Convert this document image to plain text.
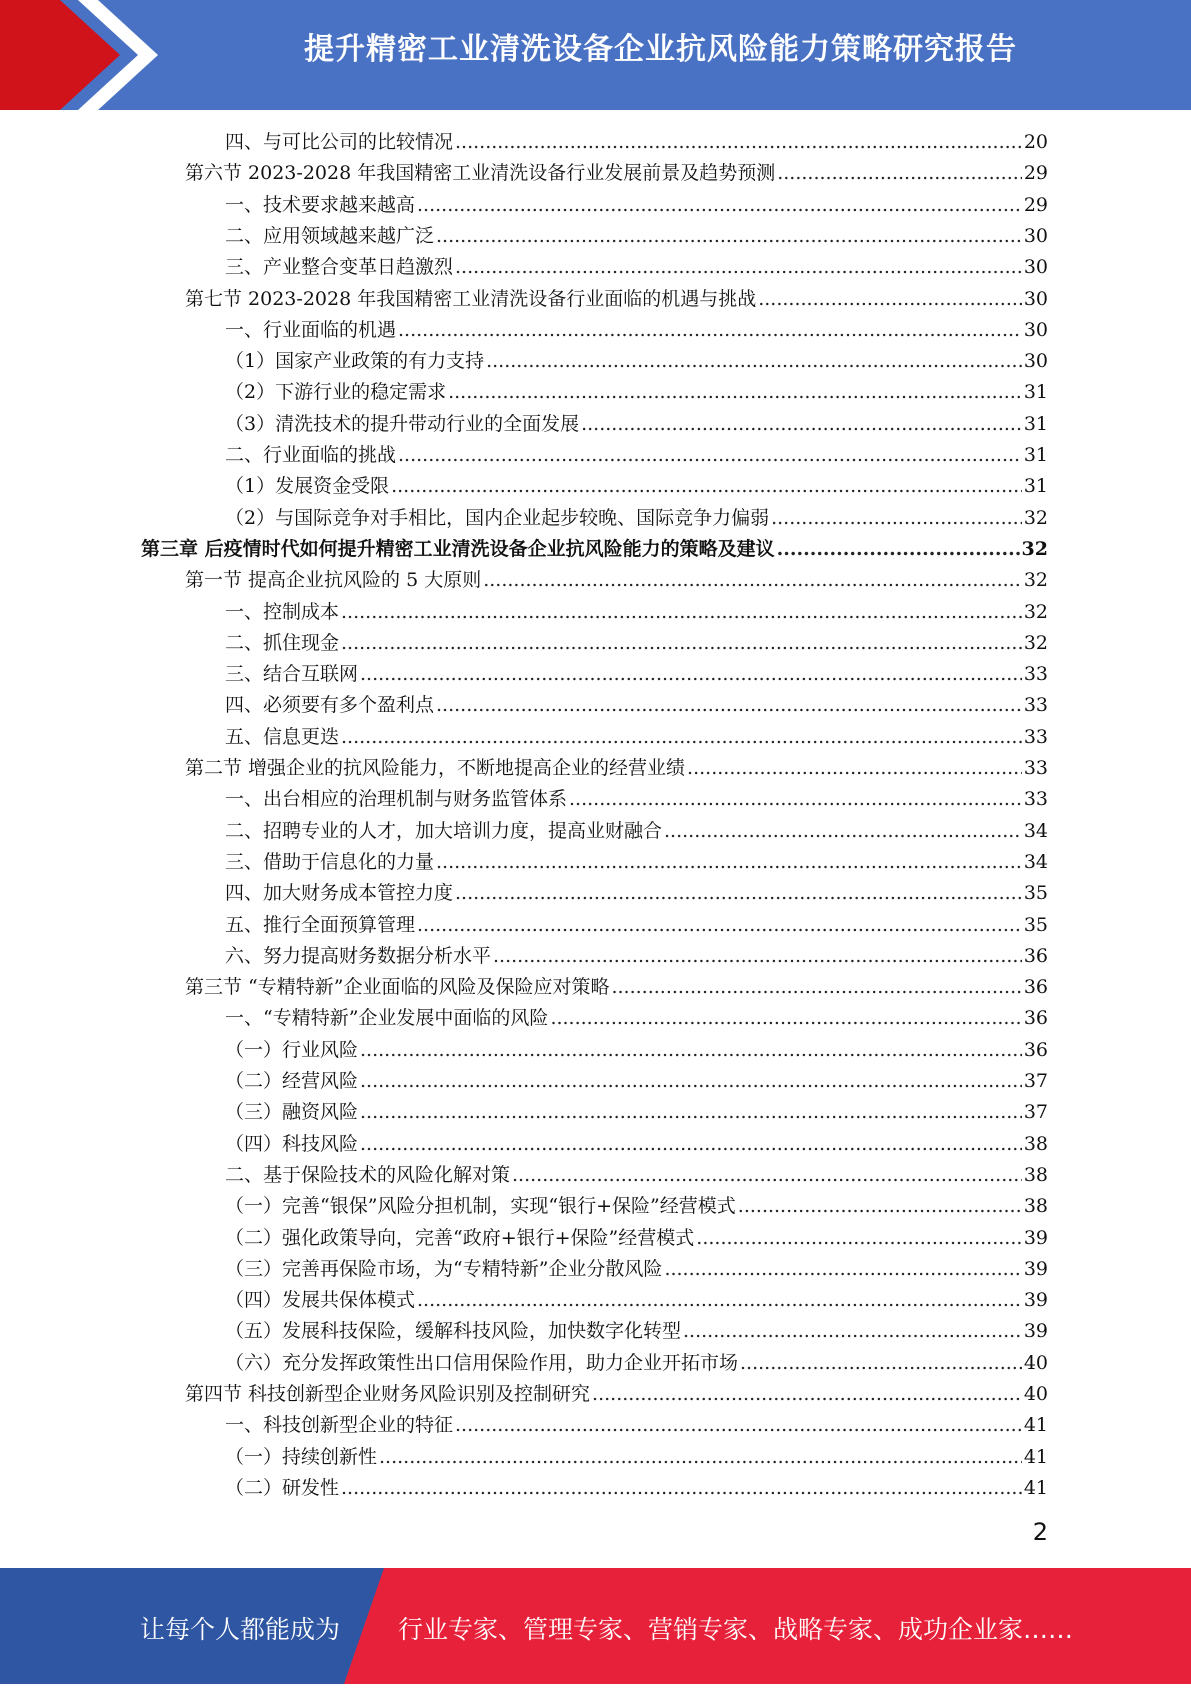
提升精密工业清洗设备企业抗风险能力策略研究报告
四、与可比公司的比较情况 .....	20
第六节 2023-2028 年我国精密工业清洗设备行业发展前景及趋势预测 .....	29
一、技术要求越来越高 .....	29
二、应用领域越来越广泛 .....	30
三、产业整合变革日趋激烈 .....	30
第七节 2023-2028 年我国精密工业清洗设备行业面临的机遇与挑战 .....	30
一、行业面临的机遇 .....	30
（1）国家产业政策的有力支持 .....	30
（2）下游行业的稳定需求 .....	31
（3）清洗技术的提升带动行业的全面发展 .....	31
二、行业面临的挑战 .....	31
（1）发展资金受限 .....	31
（2）与国际竞争对手相比，国内企业起步较晚、国际竞争力偏弱 .....	32
第三章 后疫情时代如何提升精密工业清洗设备企业抗风险能力的策略及建议 .....	32
第一节 提高企业抗风险的 5 大原则 .....	32
一、控制成本 .....	32
二、抓住现金 .....	32
三、结合互联网 .....	33
四、必须要有多个盈利点 .....	33
五、信息更迭 .....	33
第二节 增强企业的抗风险能力，不断地提高企业的经营业绩 .....	33
一、出台相应的治理机制与财务监管体系 .....	33
二、招聘专业的人才，加大培训力度，提高业财融合 .....	34
三、借助于信息化的力量 .....	34
四、加大财务成本管控力度 .....	35
五、推行全面预算管理 .....	35
六、努力提高财务数据分析水平 .....	36
第三节 “专精特新”企业面临的风险及保险应对策略 .....	36
一、“专精特新”企业发展中面临的风险 .....	36
（一）行业风险 .....	36
（二）经营风险 .....	37
（三）融资风险 .....	37
（四）科技风险 .....	38
二、基于保险技术的风险化解对策 .....	38
（一）完善“银保”风险分担机制，实现“银行+保险”经营模式 .....	38
（二）强化政策导向，完善“政府+银行+保险”经营模式 .....	39
（三）完善再保险市场，为“专精特新”企业分散风险 .....	39
（四）发展共保体模式 .....	39
（五）发展科技保险，缓解科技风险，加快数字化转型 .....	39
（六）充分发挥政策性出口信用保险作用，助力企业开拓市场 .....	40
第四节 科技创新型企业财务风险识别及控制研究 .....	40
一、科技创新型企业的特征 .....	41
（一）持续创新性 .....	41
（二）研发性 .....	41
2
让每个人都能成为 行业专家、管理专家、营销专家、战略专家、成功企业家……
